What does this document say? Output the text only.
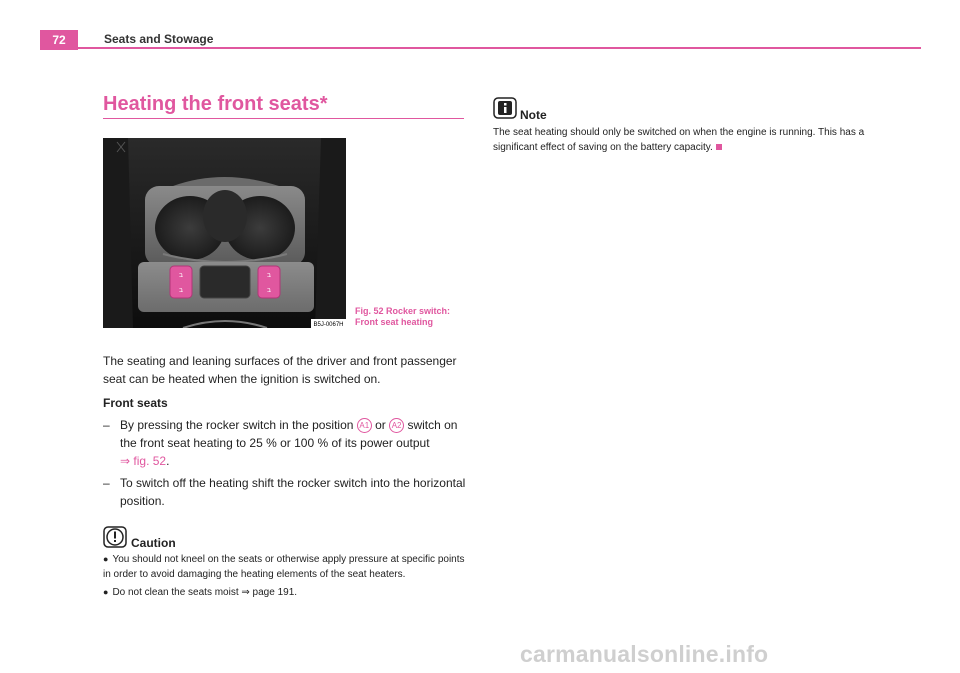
72	Seats and Stowage
Heating the front seats*
ב
ב
ב
ב
B5J-0067H
Fig. 52 Rocker switch:
Front seat heating
The seating and leaning surfaces of the driver and front passenger seat can be heated when the ignition is switched on.
Front seats
– By pressing the rocker switch in the position A1 or A2 switch on the front seat heating to 25 % or 100 % of its power output
⇒ fig. 52.
– To switch off the heating shift the rocker switch into the horizontal position.
Caution
● You should not kneel on the seats or otherwise apply pressure at specific points in order to avoid damaging the heating elements of the seat heaters.
● Do not clean the seats moist ⇒ page 191.
Note
The seat heating should only be switched on when the engine is running. This has a significant effect of saving on the battery capacity.
carmanualsonline.info
